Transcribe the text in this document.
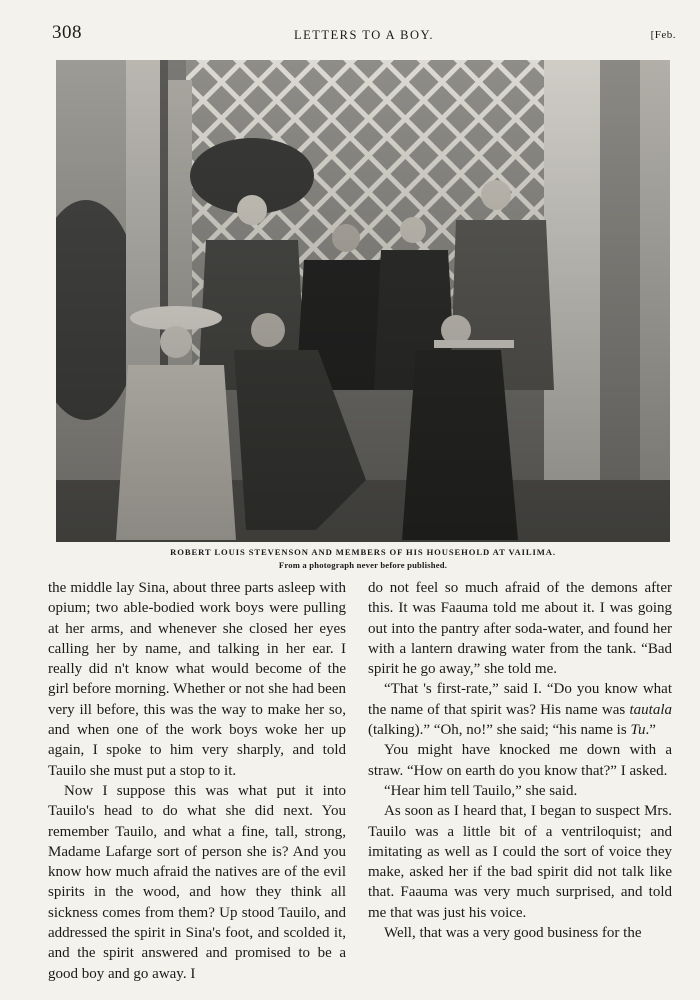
308	LETTERS TO A BOY.	[Feb.
ROBERT LOUIS STEVENSON AND MEMBERS OF HIS HOUSEHOLD AT VAILIMA.
From a photograph never before published.

the middle lay Sina, about three parts asleep with opium; two able-bodied work boys were pulling at her arms, and whenever she closed her eyes calling her by name, and talking in her ear. I really did n't know what would become of the girl before morning. Whether or not she had been very ill before, this was the way to make her so, and when one of the work boys woke her up again, I spoke to him very sharply, and told Tauilo she must put a stop to it.

Now I suppose this was what put it into Tauilo's head to do what she did next. You remember Tauilo, and what a fine, tall, strong, Madame Lafarge sort of person she is? And you know how much afraid the natives are of the evil spirits in the wood, and how they think all sickness comes from them? Up stood Tauilo, and addressed the spirit in Sina's foot, and scolded it, and the spirit answered and promised to be a good boy and go away. I

do not feel so much afraid of the demons after this. It was Faauma told me about it. I was going out into the pantry after soda-water, and found her with a lantern drawing water from the tank. “Bad spirit he go away,” she told me.

“That 's first-rate,” said I. “Do you know what the name of that spirit was? His name was tautala (talking).” “Oh, no!” she said; “his name is Tu.”

You might have knocked me down with a straw. “How on earth do you know that?” I asked.

“Hear him tell Tauilo,” she said.

As soon as I heard that, I began to suspect Mrs. Tauilo was a little bit of a ventriloquist; and imitating as well as I could the sort of voice they make, asked her if the bad spirit did not talk like that. Faauma was very much surprised, and told me that was just his voice.

Well, that was a very good business for the
